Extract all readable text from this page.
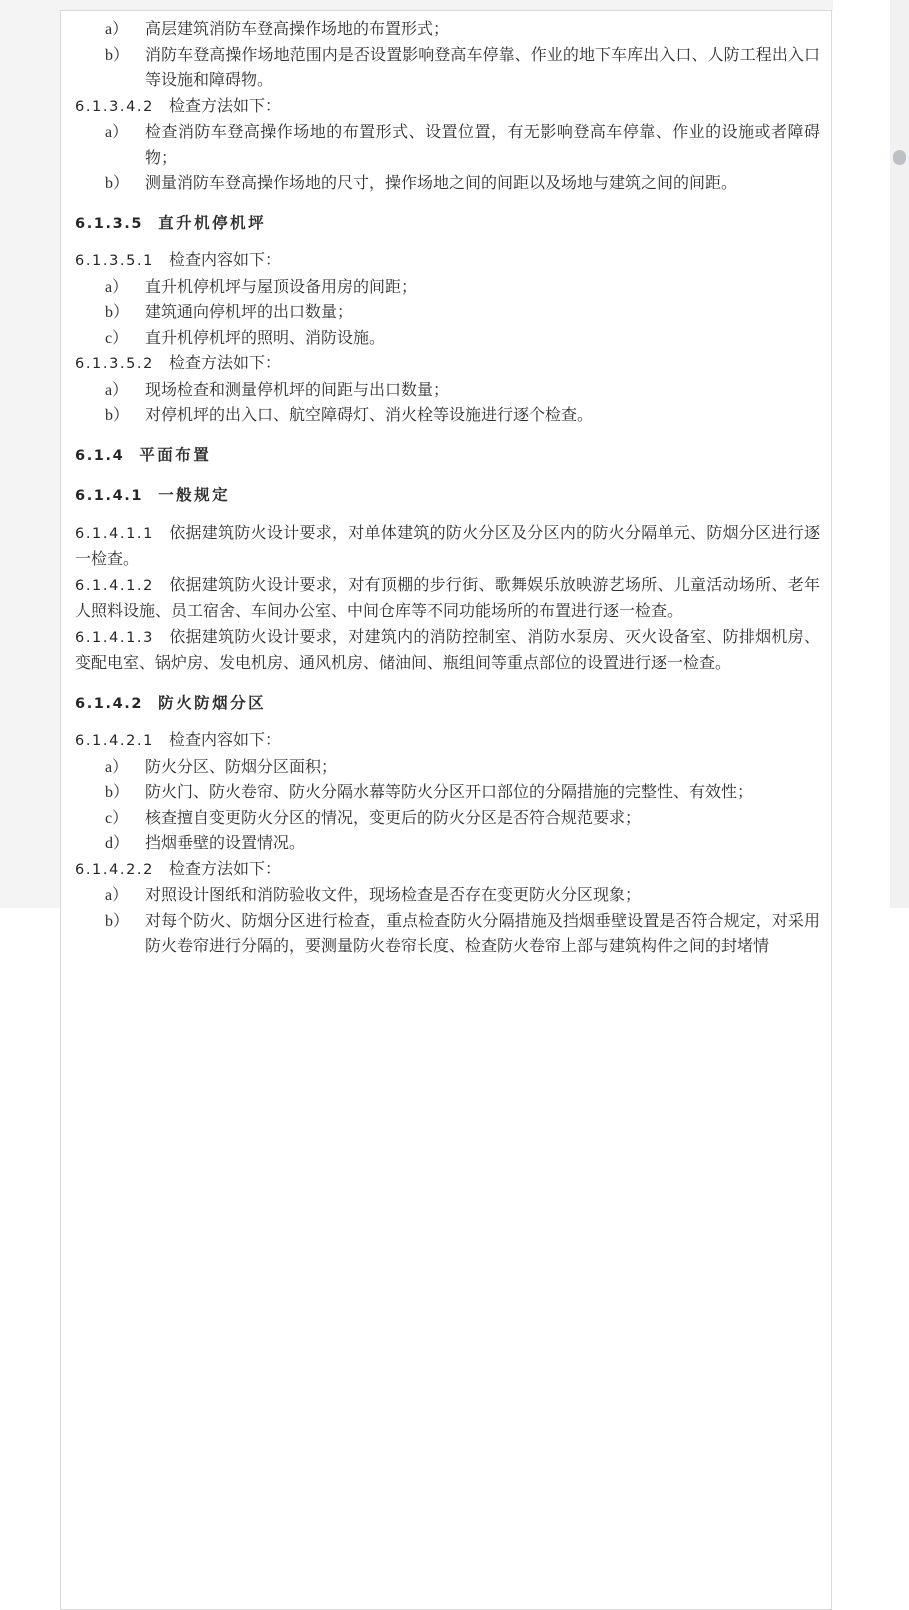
a）	高层建筑消防车登高操作场地的布置形式；
b） 消防车登高操作场地范围内是否设置影响登高车停靠、作业的地下车库出入口、人防工程出入口等设施和障碍物。
6.1.3.4.2 检查方法如下：
a）	检查消防车登高操作场地的布置形式、设置位置，有无影响登高车停靠、作业的设施或者障碍物；
b） 测量消防车登高操作场地的尺寸，操作场地之间的间距以及场地与建筑之间的间距。
6.1.3.5 直升机停机坪
6.1.3.5.1 检查内容如下：
a）	直升机停机坪与屋顶设备用房的间距；
b） 建筑通向停机坪的出口数量；
c）	直升机停机坪的照明、消防设施。
6.1.3.5.2 检查方法如下：
a）	现场检查和测量停机坪的间距与出口数量；
b） 对停机坪的出入口、航空障碍灯、消火栓等设施进行逐个检查。
6.1.4 平面布置
6.1.4.1 一般规定
6.1.4.1.1 依据建筑防火设计要求，对单体建筑的防火分区及分区内的防火分隔单元、防烟分区进行逐一检查。
6.1.4.1.2 依据建筑防火设计要求，对有顶棚的步行街、歌舞娱乐放映游艺场所、儿童活动场所、老年人照料设施、员工宿舍、车间办公室、中间仓库等不同功能场所的布置进行逐一检查。
6.1.4.1.3 依据建筑防火设计要求，对建筑内的消防控制室、消防水泵房、灭火设备室、防排烟机房、变配电室、锅炉房、发电机房、通风机房、储油间、瓶组间等重点部位的设置进行逐一检查。
6.1.4.2 防火防烟分区
6.1.4.2.1 检查内容如下：
a）	防火分区、防烟分区面积；
b） 防火门、防火卷帘、防火分隔水幕等防火分区开口部位的分隔措施的完整性、有效性；
c）	核查擅自变更防火分区的情况，变更后的防火分区是否符合规范要求；
d） 挡烟垂壁的设置情况。
6.1.4.2.2 检查方法如下：
a）	对照设计图纸和消防验收文件，现场检查是否存在变更防火分区现象；
b） 对每个防火、防烟分区进行检查，重点检查防火分隔措施及挡烟垂壁设置是否符合规定，对采用防火卷帘进行分隔的，要测量防火卷帘长度、检查防火卷帘上部与建筑构件之间的封堵情
